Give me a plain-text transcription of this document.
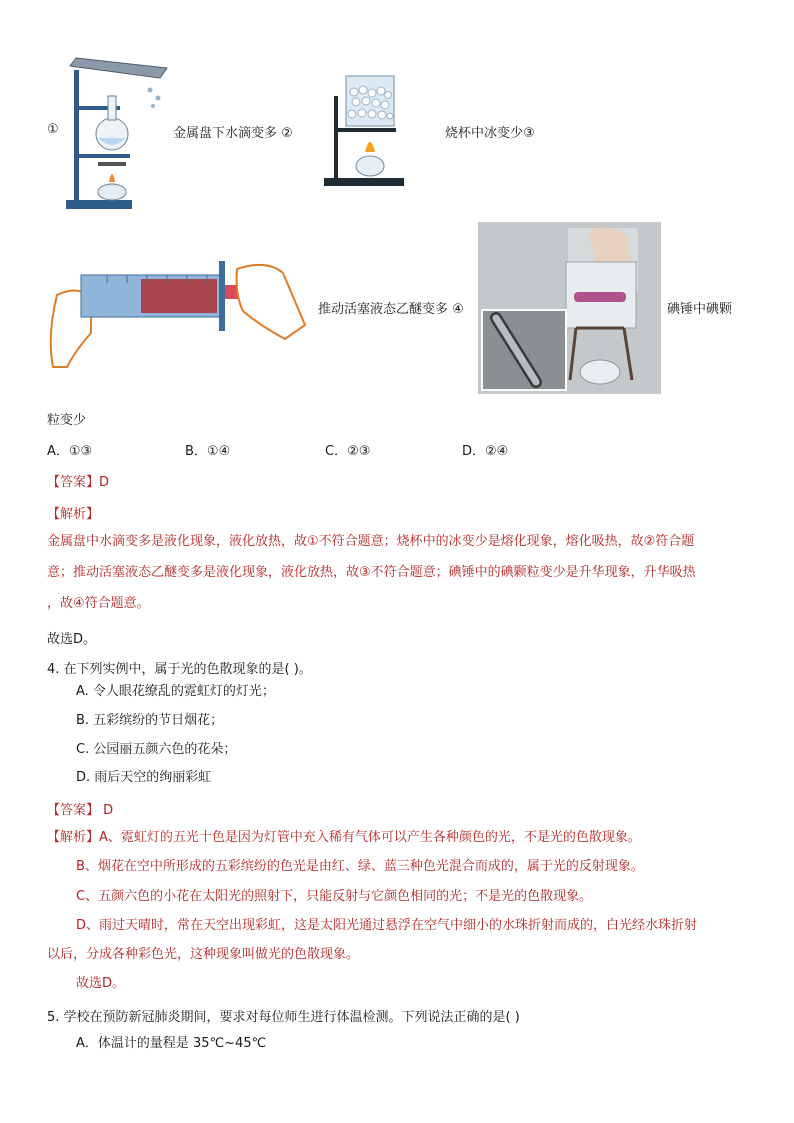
①	金属盘下水滴变多 ②	烧杯中冰变少③
推动活塞液态乙醚变多 ④	碘锤中碘颗
粒变少
A．①③	B．①④	C．②③	D．②④
【答案】D
【解析】
金属盘中水滴变多是液化现象，液化放热，故①不符合题意；烧杯中的冰变少是熔化现象，熔化吸热，故②符合题
意；推动活塞液态乙醚变多是液化现象，液化放热，故③不符合题意；碘锤中的碘颗粒变少是升华现象，升华吸热
，故④符合题意。
故选D。
4. 在下列实例中，属于光的色散现象的是( )。
A. 令人眼花缭乱的霓虹灯的灯光；
B. 五彩缤纷的节日烟花；
C. 公园丽五颜六色的花朵；
D. 雨后天空的绚丽彩虹
【答案】 D
【解析】A、霓虹灯的五光十色是因为灯管中充入稀有气体可以产生各种颜色的光，不是光的色散现象。
B、烟花在空中所形成的五彩缤纷的色光是由红、绿、蓝三种色光混合而成的，属于光的反射现象。
C、五颜六色的小花在太阳光的照射下，只能反射与它颜色相同的光；不是光的色散现象。
D、雨过天晴时，常在天空出现彩虹，这是太阳光通过悬浮在空气中细小的水珠折射而成的，白光经水珠折射
以后，分成各种彩色光，这种现象叫做光的色散现象。
故选D。
5. 学校在预防新冠肺炎期间，要求对每位师生进行体温检测。下列说法正确的是( )
A．体温计的量程是 35℃~45℃
